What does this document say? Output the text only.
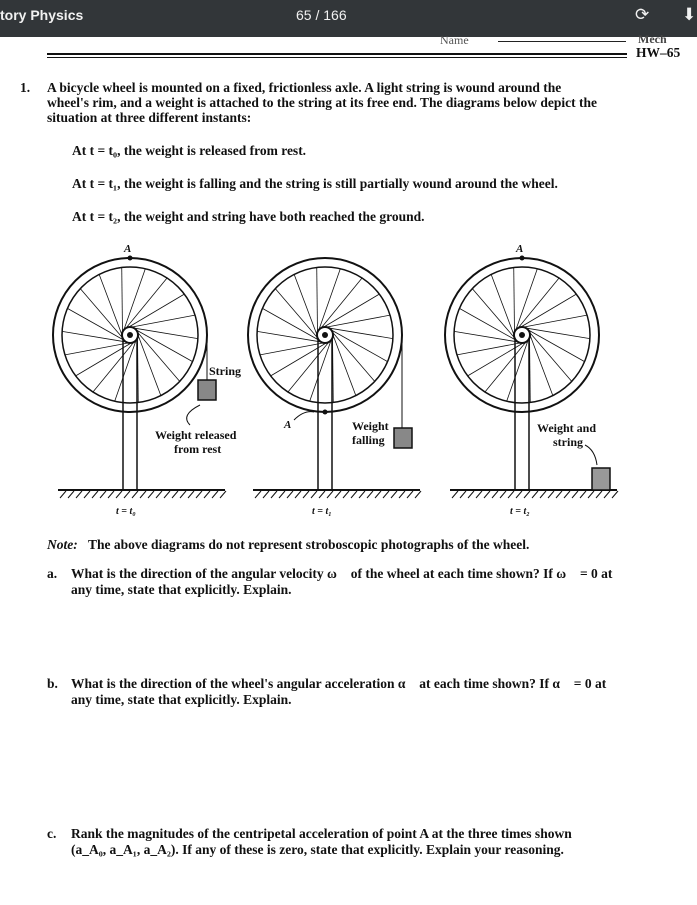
tory Physics	65 / 166	⟳ ⬇
Name	Mech
HW–65
1. A bicycle wheel is mounted on a fixed, frictionless axle. A light string is wound around the
wheel's rim, and a weight is attached to the string at its free end. The diagrams below depict the
situation at three different instants:
At t = t₀, the weight is released from rest.
At t = t₁, the weight is falling and the string is still partially wound around the wheel.
At t = t₂, the weight and string have both reached the ground.
A	A
A
String
Weight released
from rest
Weight
falling
Weight and
string
t = t₀	t = t₁	t = t₂
Note: The above diagrams do not represent stroboscopic photographs of the wheel.
a. What is the direction of the angular velocity ω⃗ of the wheel at each time shown? If ω⃗ = 0 at
any time, state that explicitly. Explain.
b. What is the direction of the wheel's angular acceleration α⃗ at each time shown? If α⃗ = 0 at
any time, state that explicitly. Explain.
c. Rank the magnitudes of the centripetal acceleration of point A at the three times shown
(a_A₀, a_A₁, a_A₂). If any of these is zero, state that explicitly. Explain your reasoning.
